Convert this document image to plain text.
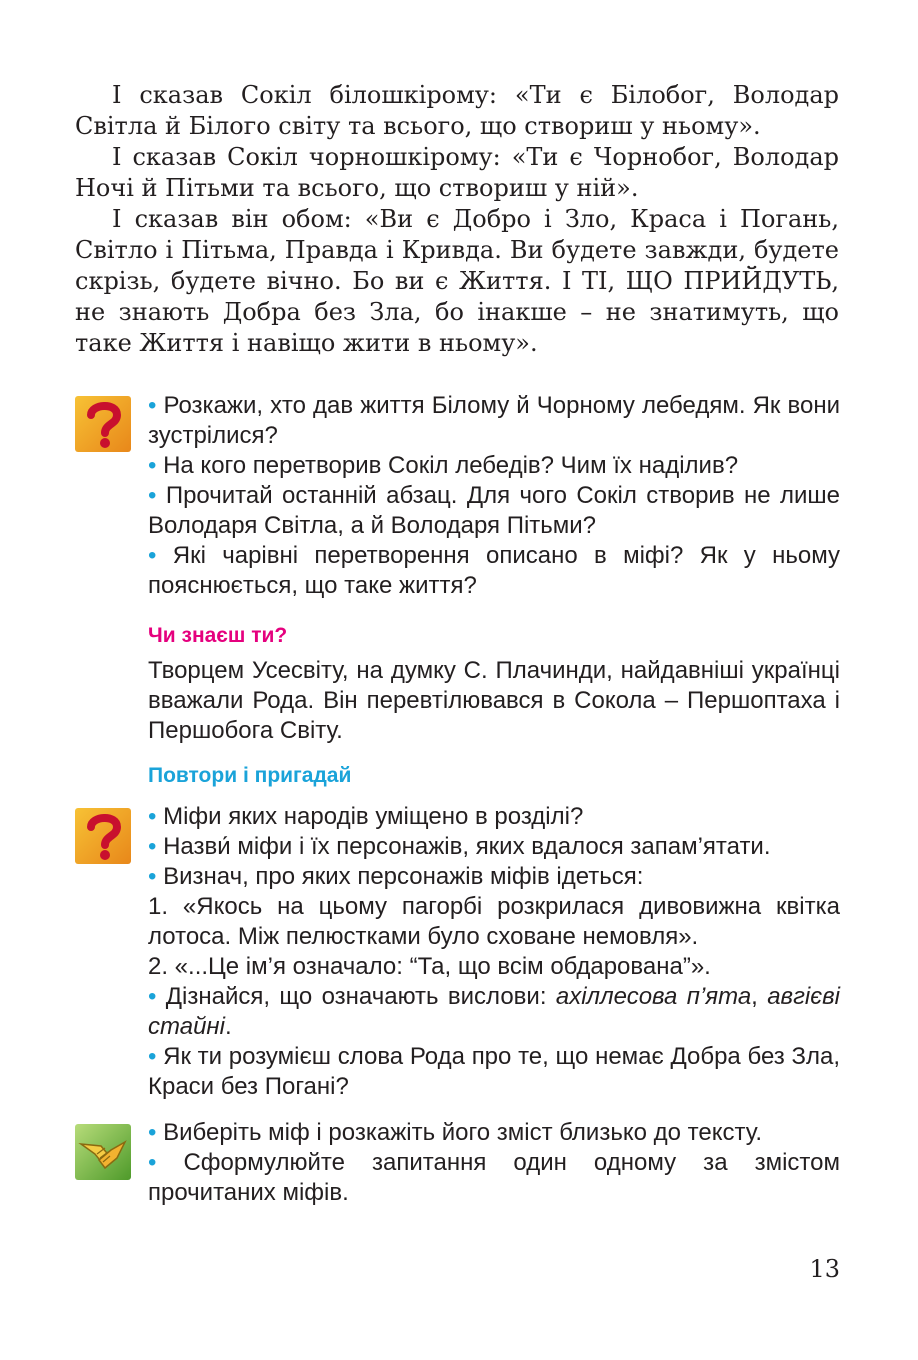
І сказав Сокіл білошкірому: «Ти є Білобог, Володар Світла й Білого світу та всього, що створиш у ньому».

І сказав Сокіл чорношкірому: «Ти є Чорнобог, Володар Ночі й Пітьми та всього, що створиш у ній».

І сказав він обом: «Ви є Добро і Зло, Краса і Погань, Світло і Пітьма, Правда і Кривда. Ви будете завжди, будете скрізь, будете вічно. Бо ви є Життя. І ТІ, ЩО ПРИЙДУТЬ, не знають Добра без Зла, бо інакше – не знатимуть, що таке Життя і навіщо жити в ньому».

• Розкажи, хто дав життя Білому й Чорному лебедям. Як вони зустрілися?

• На кого перетворив Сокіл лебедів? Чим їх наділив?

• Прочитай останній абзац. Для чого Сокіл створив не лише Володаря Світла, а й Володаря Пітьми?

• Які чарівні перетворення описано в міфі? Як у ньому пояснюється, що таке життя?

Чи знаєш ти?

Творцем Усесвіту, на думку С. Плачинди, найдавніші українці вважали Рода. Він перевтілювався в Сокола – Першоптаха і Першобога Світу.

Повтори і пригадай

• Міфи яких народів уміщено в розділі?

• Назви́ міфи і їх персонажів, яких вдалося запам’ятати.

• Визнач, про яких персонажів міфів ідеться:

1. «Якось на цьому пагорбі розкрилася дивовижна квітка лотоса. Між пелюстками було сховане немовля».

2. «...Це ім’я означало: “Та, що всім обдарована”».

• Дізнайся, що означають вислови: ахіллесова п’ята, авгієві стайні.

• Як ти розумієш слова Рода про те, що немає Добра без Зла, Краси без Погані?

• Виберіть міф і розкажіть його зміст близько до тексту.

• Сформулюйте запитання один одному за змістом прочитаних міфів.

13
